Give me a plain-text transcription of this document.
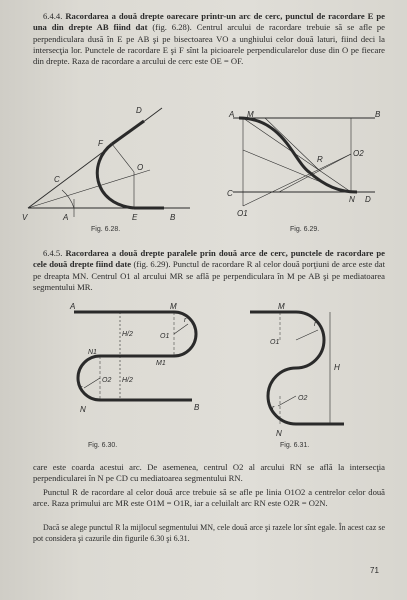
6.4.4. Racordarea a două drepte oarecare printr-un arc de cerc, punctul de racordare E pe una din drepte AB fiind dat (fig. 6.28). Centrul arcului de racordare trebuie să se afle pe perpendiculara dusă în E pe AB şi pe bisectoarea VO a unghiului celor două laturi, fiind deci la intersecţia lor. Punctele de racordare E şi F sînt la picioarele perpendicularelor duse din O pe fiecare din drepte. Raza de racordare a arcului de cerc este OE = OF.
V	A	E	B
O
D
C
F
Fig. 6.28.
A M	B
C
N D
O1
O2
R
Fig. 6.29.
6.4.5. Racordarea a două drepte paralele prin două arce de cerc, punctele de racordare pe cele două drepte fiind date (fig. 6.29). Punctul de racordare R al celor două porţiuni de arce este dat pe dreapta MN. Centrul O1 al arcului MR se află pe perpendiculara în M pe AB şi pe mediatoarea segmentului MR.
A	M
N1
M1
O1
O2
H/2
H/2
r
r
N	B
Fig. 6.30.
M
O1
O2
H
r
r
N
Fig. 6.31.
care este coarda acestui arc. De asemenea, centrul O2 al arcului RN se află la intersecţia perpendicularei în N pe CD cu mediatoarea segmentului RN.
Punctul R de racordare al celor două arce trebuie să se afle pe linia O1O2 a centrelor celor două arce. Raza primului arc MR este O1M = O1R, iar a celuilalt arc RN este O2R = O2N.
Dacă se alege punctul R la mijlocul segmentului MN, cele două arce şi razele lor sînt egale. În acest caz se pot considera şi cazurile din figurile 6.30 şi 6.31.
71
